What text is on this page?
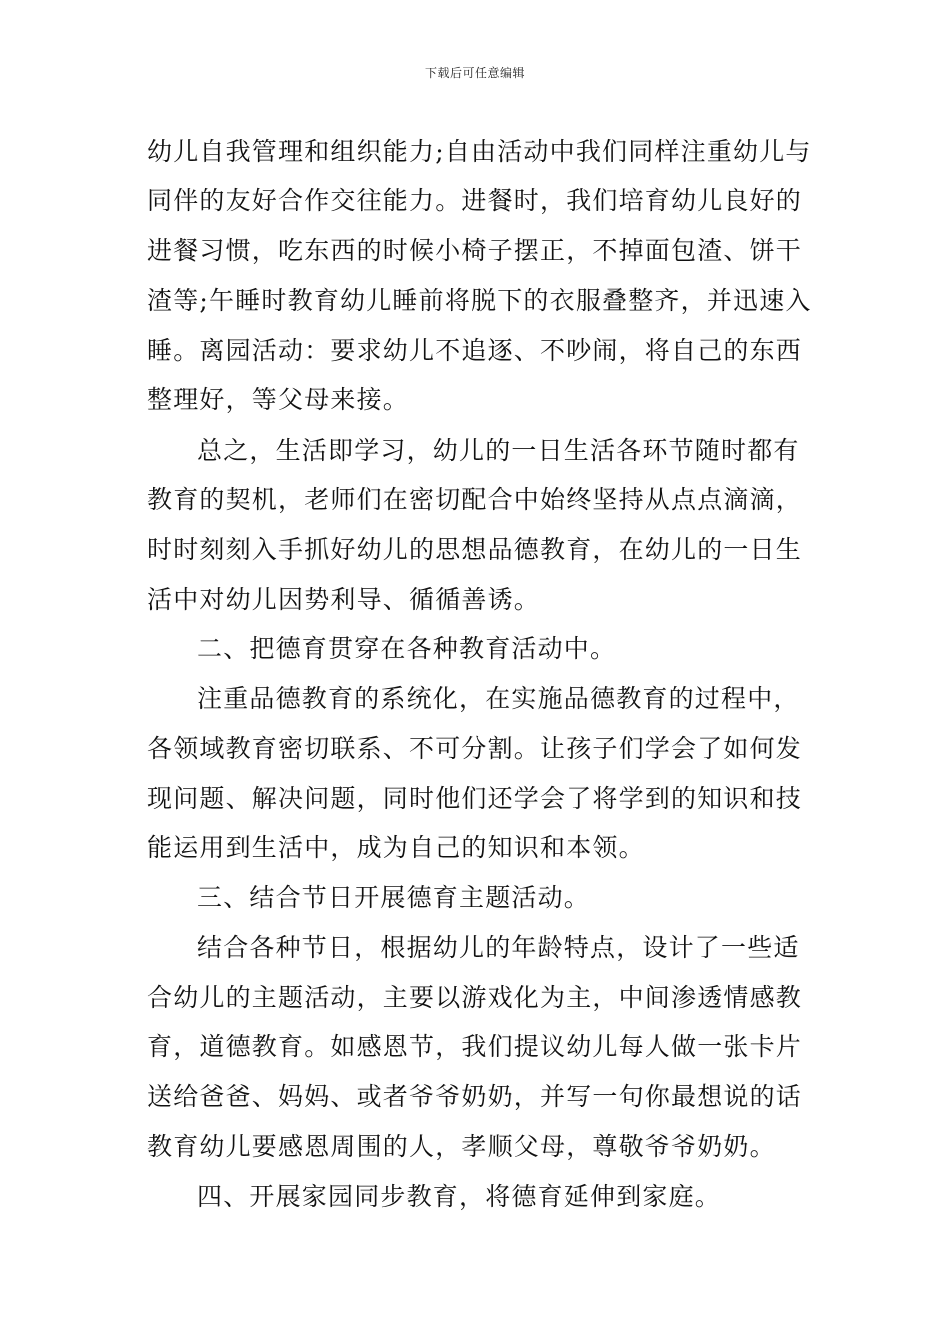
下载后可任意编辑
幼儿自我管理和组织能力;自由活动中我们同样注重幼儿与
同伴的友好合作交往能力。进餐时，我们培育幼儿良好的
进餐习惯，吃东西的时候小椅子摆正，不掉面包渣、饼干
渣等;午睡时教育幼儿睡前将脱下的衣服叠整齐，并迅速入
睡。离园活动：要求幼儿不追逐、不吵闹，将自己的东西
整理好，等父母来接。
总之，生活即学习，幼儿的一日生活各环节随时都有
教育的契机，老师们在密切配合中始终坚持从点点滴滴，
时时刻刻入手抓好幼儿的思想品德教育，在幼儿的一日生
活中对幼儿因势利导、循循善诱。
二、把德育贯穿在各种教育活动中。
注重品德教育的系统化，在实施品德教育的过程中，
各领域教育密切联系、不可分割。让孩子们学会了如何发
现问题、解决问题，同时他们还学会了将学到的知识和技
能运用到生活中，成为自己的知识和本领。
三、结合节日开展德育主题活动。
结合各种节日，根据幼儿的年龄特点，设计了一些适
合幼儿的主题活动，主要以游戏化为主，中间渗透情感教
育，道德教育。如感恩节，我们提议幼儿每人做一张卡片
送给爸爸、妈妈、或者爷爷奶奶，并写一句你最想说的话
教育幼儿要感恩周围的人，孝顺父母，尊敬爷爷奶奶。
四、开展家园同步教育，将德育延伸到家庭。
